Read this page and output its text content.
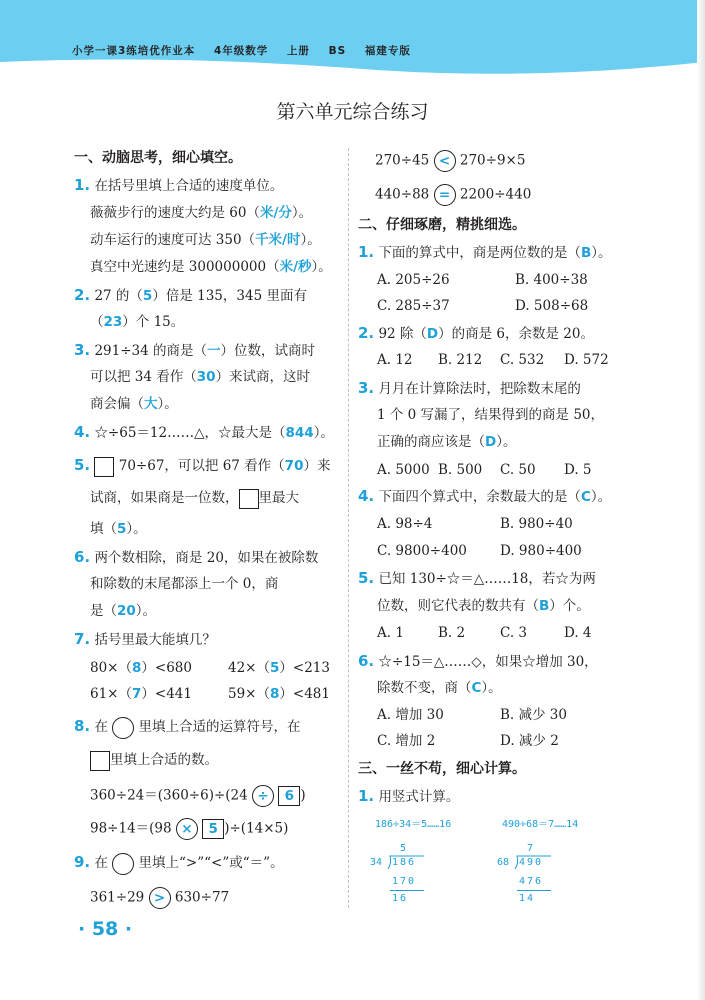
小学一课3练培优作业本 4年级数学 上册 BS 福建专版
第六单元综合练习
一、动脑思考，细心填空。
1. 在括号里填上合适的速度单位。
薇薇步行的速度大约是 60（米/分）。
动车运行的速度可达 350（千米/时）。
真空中光速约是 300000000（米/秒）。
2. 27 的（5）倍是 135，345 里面有
（23）个 15。
3. 291÷34 的商是（一）位数，试商时
可以把 34 看作（30）来试商，这时
商会偏（大）。
4. ☆÷65＝12……△，☆最大是（844）。
5. 70÷67，可以把 67 看作（70）来
试商，如果商是一位数， 里最大
填（5）。
6. 两个数相除，商是 20，如果在被除数
和除数的末尾都添上一个 0，商
是（20）。
7. 括号里最大能填几？
80×（8）<680	42×（5）<213
61×（7）<441	59×（8）<481
8. 在 里填上合适的运算符号，在
里填上合适的数。
360÷24＝(360÷6)÷(24 ÷ 6 )
98÷14＝(98 × 5 )÷(14×5)
9. 在 里填上“>”“<”或“＝”。
361÷29 > 630÷77
· 58 ·
270÷45 < 270÷9×5
440÷88 = 2200÷440
二、仔细琢磨，精挑细选。
1. 下面的算式中，商是两位数的是（B）。
A. 205÷26	B. 400÷38
C. 285÷37	D. 508÷68
2. 92 除（D）的商是 6，余数是 20。
A. 12 B. 212 C. 532 D. 572
3. 月月在计算除法时，把除数末尾的
1 个 0 写漏了，结果得到的商是 50，
正确的商应该是（D）。
A. 5000 B. 500 C. 50 D. 5
4. 下面四个算式中，余数最大的是（C）。
A. 98÷4	B. 980÷40
C. 9800÷400 D. 980÷400
5. 已知 130÷☆＝△……18，若☆为两
位数，则它代表的数共有（B）个。
A. 1	B. 2	C. 3	D. 4
6. ☆÷15＝△……◇，如果☆增加 30，
除数不变，商（C）。
A. 增加 30	B. 减少 30
C. 增加 2	D. 减少 2
三、一丝不苟，细心计算。
1. 用竖式计算。
186÷34＝5……16	490÷68＝7……14
5
34 186
170
16
7
68 490
476
14
